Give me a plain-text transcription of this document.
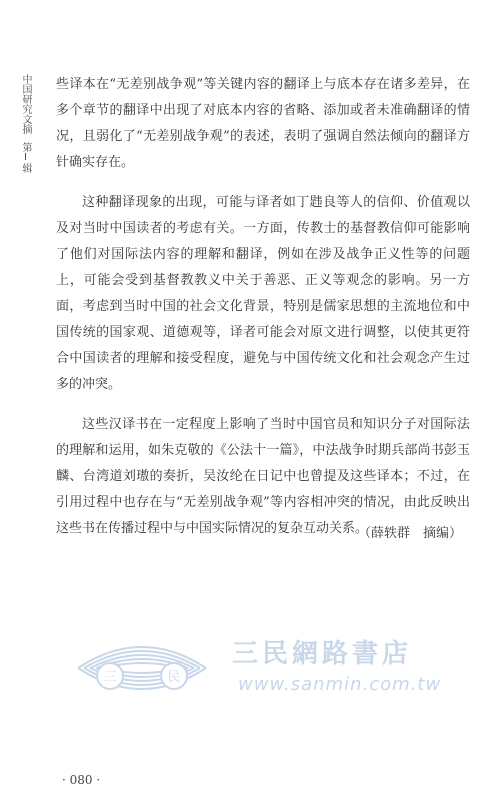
中国研究文摘
第Ⅰ辑

些译本在“无差别战争观”等关键内容的翻译上与底本存在诸多差异，在多个章节的翻译中出现了对底本内容的省略、添加或者未准确翻译的情况，且弱化了“无差别战争观”的表述，表明了强调自然法倾向的翻译方针确实存在。

这种翻译现象的出现，可能与译者如丁韪良等人的信仰、价值观以及对当时中国读者的考虑有关。一方面，传教士的基督教信仰可能影响了他们对国际法内容的理解和翻译，例如在涉及战争正义性等的问题上，可能会受到基督教教义中关于善恶、正义等观念的影响。另一方面，考虑到当时中国的社会文化背景，特别是儒家思想的主流地位和中国传统的国家观、道德观等，译者可能会对原文进行调整，以使其更符合中国读者的理解和接受程度，避免与中国传统文化和社会观念产生过多的冲突。

这些汉译书在一定程度上影响了当时中国官员和知识分子对国际法的理解和运用，如朱克敬的《公法十一篇》，中法战争时期兵部尚书彭玉麟、台湾道刘璈的奏折，吴汝纶在日记中也曾提及这些译本；不过，在引用过程中也存在与“无差别战争观”等内容相冲突的情况，由此反映出这些书在传播过程中与中国实际情况的复杂互动关系。

（薛轶群　摘编）
三	民
三民網路書店
www.sanmin.com.tw
· 080 ·
